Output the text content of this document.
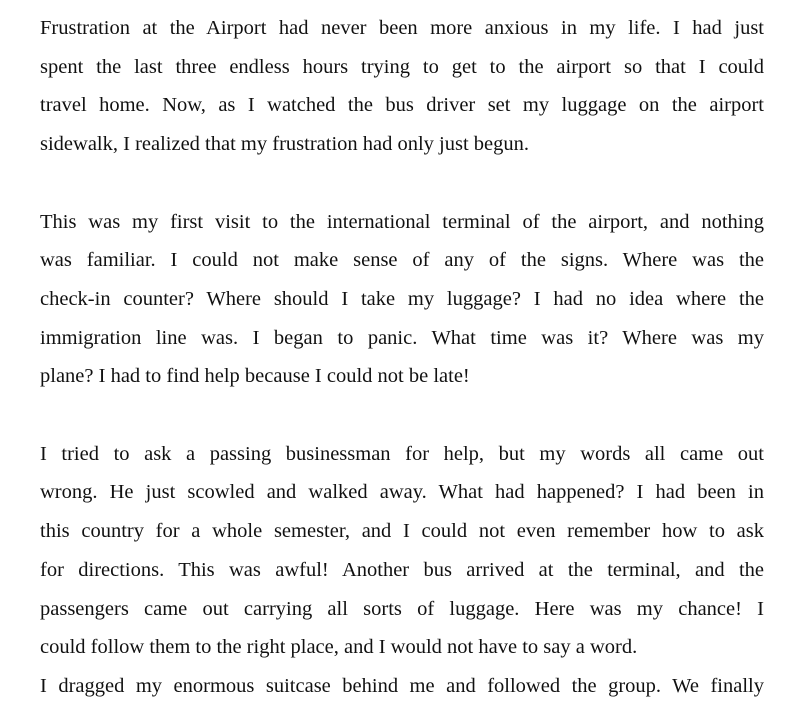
Frustration at the Airport had never been more anxious in my life. I had just
spent the last three endless hours trying to get to the airport so that I could
travel home. Now, as I watched the bus driver set my luggage on the airport
sidewalk, I realized that my frustration had only just begun.
This was my first visit to the international terminal of the airport, and nothing
was familiar. I could not make sense of any of the signs. Where was the
check-in counter? Where should I take my luggage? I had no idea where the
immigration line was. I began to panic. What time was it? Where was my
plane? I had to find help because I could not be late!
I tried to ask a passing businessman for help, but my words all came out
wrong. He just scowled and walked away. What had happened? I had been in
this country for a whole semester, and I could not even remember how to ask
for directions. This was awful! Another bus arrived at the terminal, and the
passengers came out carrying all sorts of luggage. Here was my chance! I
could follow them to the right place, and I would not have to say a word.
I dragged my enormous suitcase behind me and followed the group. We finally
